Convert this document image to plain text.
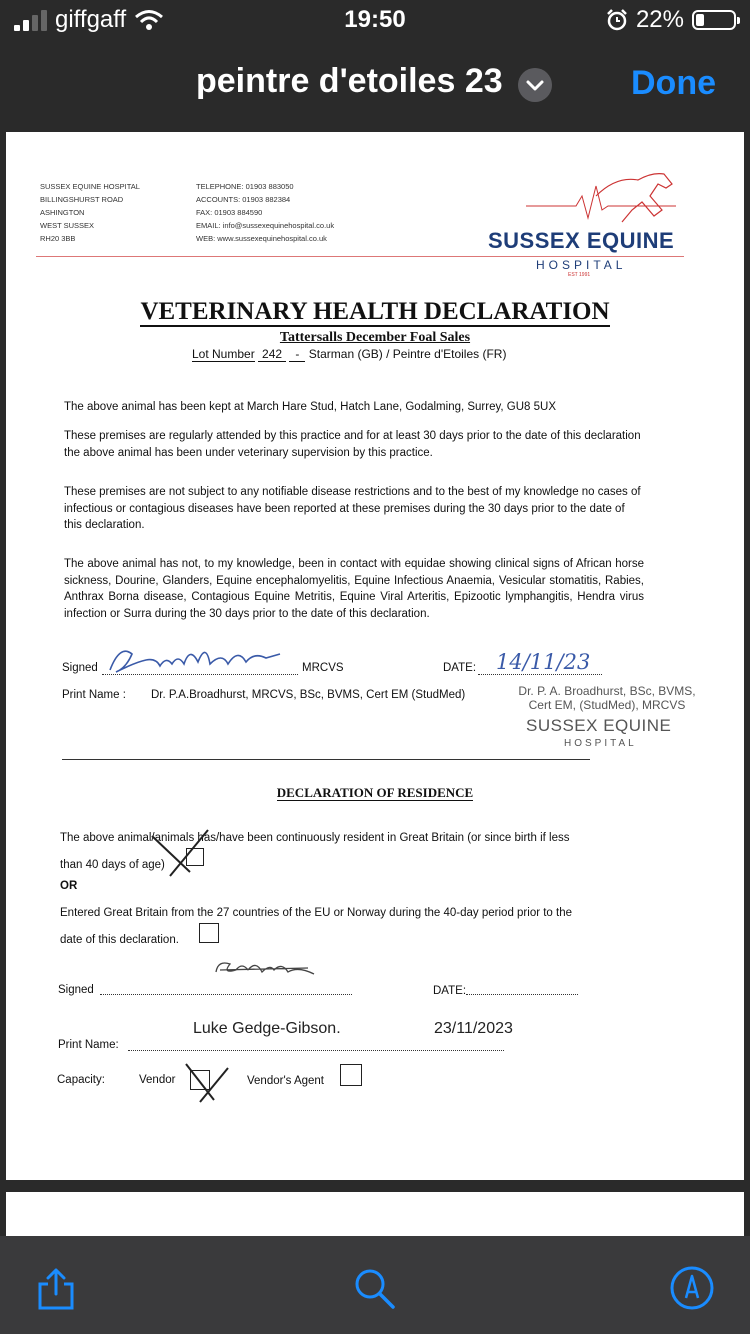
giffgaff	19:50	22%
peintre d'etoiles 23	Done
SUSSEX EQUINE HOSPITAL
BILLINGSHURST ROAD
ASHINGTON
WEST SUSSEX
RH20 3BB
TELEPHONE: 01903 883050
ACCOUNTS: 01903 882384
FAX: 01903 884590
EMAIL: info@sussexequinehospital.co.uk
WEB: www.sussexequinehospital.co.uk	SUSSEX EQUINE
HOSPITAL
EST 1991
VETERINARY HEALTH DECLARATION
Tattersalls December Foal Sales
Lot Number 242 - Starman (GB) / Peintre d'Etoiles (FR)
The above animal has been kept at March Hare Stud, Hatch Lane, Godalming, Surrey, GU8 5UX
These premises are regularly attended by this practice and for at least 30 days prior to the date of this declaration the above animal has been under veterinary supervision by this practice.
These premises are not subject to any notifiable disease restrictions and to the best of my knowledge no cases of infectious or contagious diseases have been reported at these premises during the 30 days prior to the date of this declaration.
The above animal has not, to my knowledge, been in contact with equidae showing clinical signs of African horse sickness, Dourine, Glanders, Equine encephalomyelitis, Equine Infectious Anaemia, Vesicular stomatitis, Rabies, Anthrax Borna disease, Contagious Equine Metritis, Equine Viral Arteritis, Epizootic lymphangitis, Hendra virus infection or Surra during the 30 days prior to the date of this declaration.
Signed	MRCVS	DATE: 14/11/23
Print Name : Dr. P.A.Broadhurst, MRCVS, BSc, BVMS, Cert EM (StudMed)	Dr. P. A. Broadhurst, BSc, BVMS,
Cert EM, (StudMed), MRCVS
SUSSEX EQUINE
HOSPITAL
DECLARATION OF RESIDENCE
The above animal/animals has/have been continuously resident in Great Britain (or since birth if less
than 40 days of age)
OR
Entered Great Britain from the 27 countries of the EU or Norway during the 40-day period prior to the
date of this declaration.
Signed	DATE:
Luke Gedge-Gibson.	23/11/2023
Print Name:
Capacity:	Vendor	Vendor's Agent
